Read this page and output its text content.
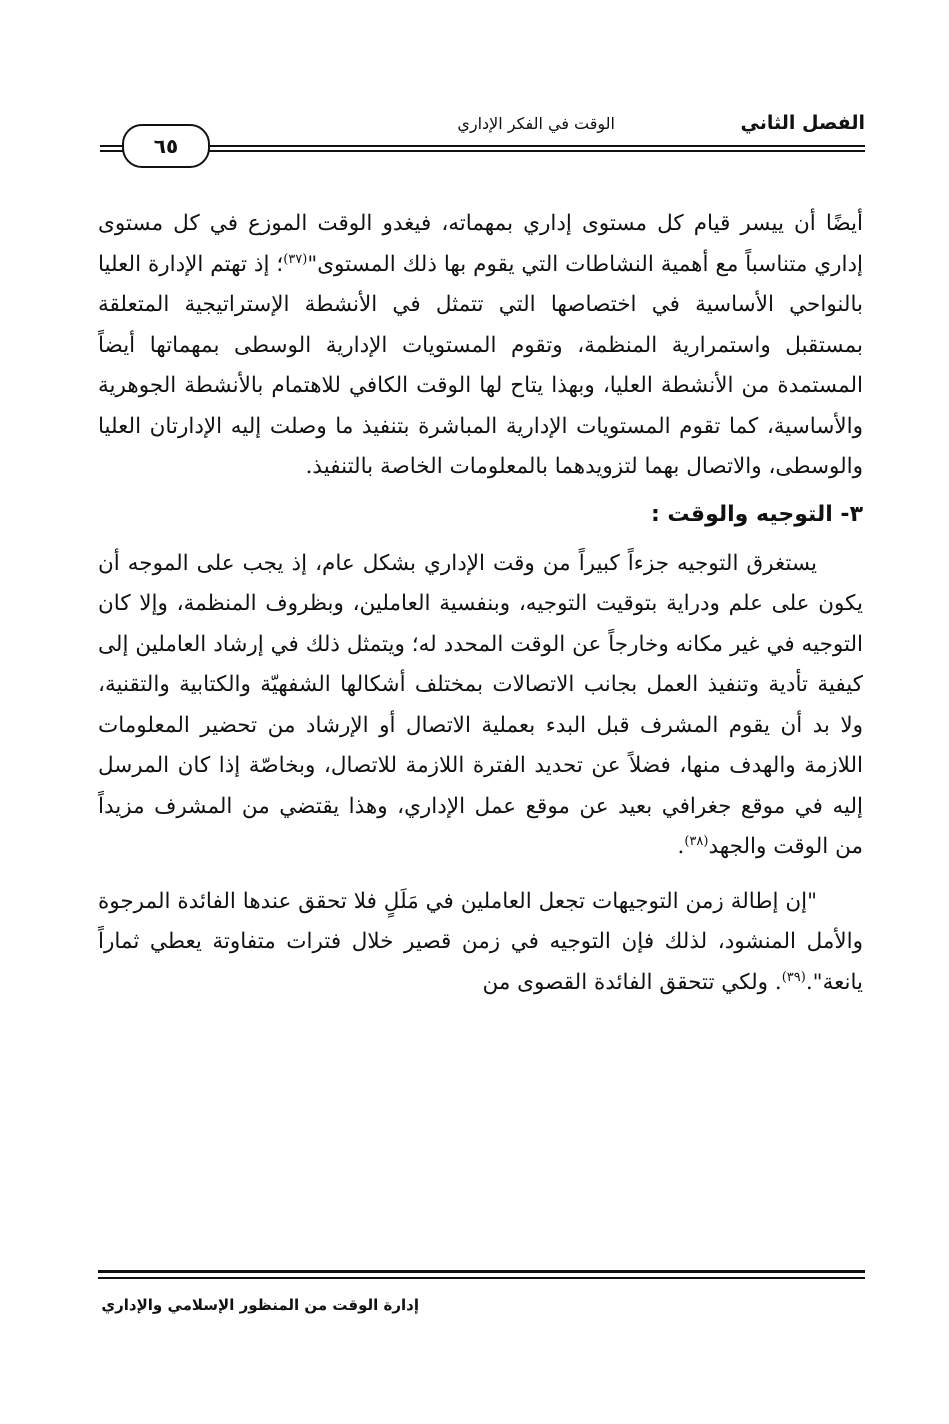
الفصل الثاني
الوقت في الفكر الإداري
٦٥

أيضًا أن ييسر قيام كل مستوى إداري بمهماته، فيغدو الوقت الموزع في كل مستوى إداري متناسباً مع أهمية النشاطات التي يقوم بها ذلك المستوى"$^{(٣٧)}$؛ إذ تهتم الإدارة العليا بالنواحي الأساسية في اختصاصها التي تتمثل في الأنشطة الإستراتيجية المتعلقة بمستقبل واستمرارية المنظمة، وتقوم المستويات الإدارية الوسطى بمهماتها أيضاً المستمدة من الأنشطة العليا، وبهذا يتاح لها الوقت الكافي للاهتمام بالأنشطة الجوهرية والأساسية، كما تقوم المستويات الإدارية المباشرة بتنفيذ ما وصلت إليه الإدارتان العليا والوسطى، والاتصال بهما لتزويدهما بالمعلومات الخاصة بالتنفيذ.

٣- التوجيه والوقت :

يستغرق التوجيه جزءاً كبيراً من وقت الإداري بشكل عام، إذ يجب على الموجه أن يكون على علم ودراية بتوقيت التوجيه، وبنفسية العاملين، وبظروف المنظمة، وإلا كان التوجيه في غير مكانه وخارجاً عن الوقت المحدد له؛ ويتمثل ذلك في إرشاد العاملين إلى كيفية تأدية وتنفيذ العمل بجانب الاتصالات بمختلف أشكالها الشفهيّة والكتابية والتقنية، ولا بد أن يقوم المشرف قبل البدء بعملية الاتصال أو الإرشاد من تحضير المعلومات اللازمة والهدف منها، فضلاً عن تحديد الفترة اللازمة للاتصال، وبخاصّة إذا كان المرسل إليه في موقع جغرافي بعيد عن موقع عمل الإداري، وهذا يقتضي من المشرف مزيداً من الوقت والجهد$^{(٣٨)}$.

"إن إطالة زمن التوجيهات تجعل العاملين في مَلَلٍ فلا تحقق عندها الفائدة المرجوة والأمل المنشود، لذلك فإن التوجيه في زمن قصير خلال فترات متفاوتة يعطي ثماراً يانعة".$^{(٣٩)}$. ولكي تتحقق الفائدة القصوى من

إدارة الوقت من المنظور الإسلامي والإداري
